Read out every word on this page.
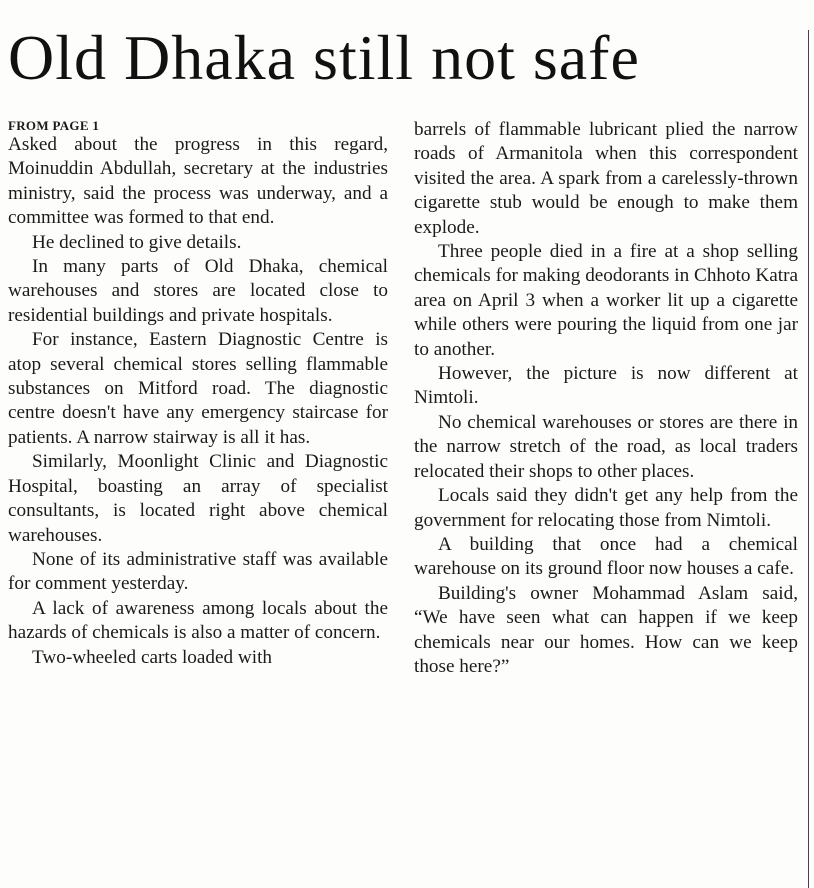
Old Dhaka still not safe
FROM PAGE 1

Asked about the progress in this regard, Moinuddin Abdullah, secretary at the industries ministry, said the process was underway, and a committee was formed to that end.

He declined to give details.

In many parts of Old Dhaka, chemical warehouses and stores are located close to residential buildings and private hospitals.

For instance, Eastern Diagnostic Centre is atop several chemical stores selling flammable substances on Mitford road. The diagnostic centre doesn't have any emergency staircase for patients. A narrow stairway is all it has.

Similarly, Moonlight Clinic and Diagnostic Hospital, boasting an array of specialist consultants, is located right above chemical warehouses.

None of its administrative staff was available for comment yesterday.

A lack of awareness among locals about the hazards of chemicals is also a matter of concern.

Two-wheeled carts loaded with

barrels of flammable lubricant plied the narrow roads of Armanitola when this correspondent visited the area. A spark from a carelessly-thrown cigarette stub would be enough to make them explode.

Three people died in a fire at a shop selling chemicals for making deodorants in Chhoto Katra area on April 3 when a worker lit up a cigarette while others were pouring the liquid from one jar to another.

However, the picture is now different at Nimtoli.

No chemical warehouses or stores are there in the narrow stretch of the road, as local traders relocated their shops to other places.

Locals said they didn't get any help from the government for relocating those from Nimtoli.

A building that once had a chemical warehouse on its ground floor now houses a cafe.

Building's owner Mohammad Aslam said, “We have seen what can happen if we keep chemicals near our homes. How can we keep those here?”
